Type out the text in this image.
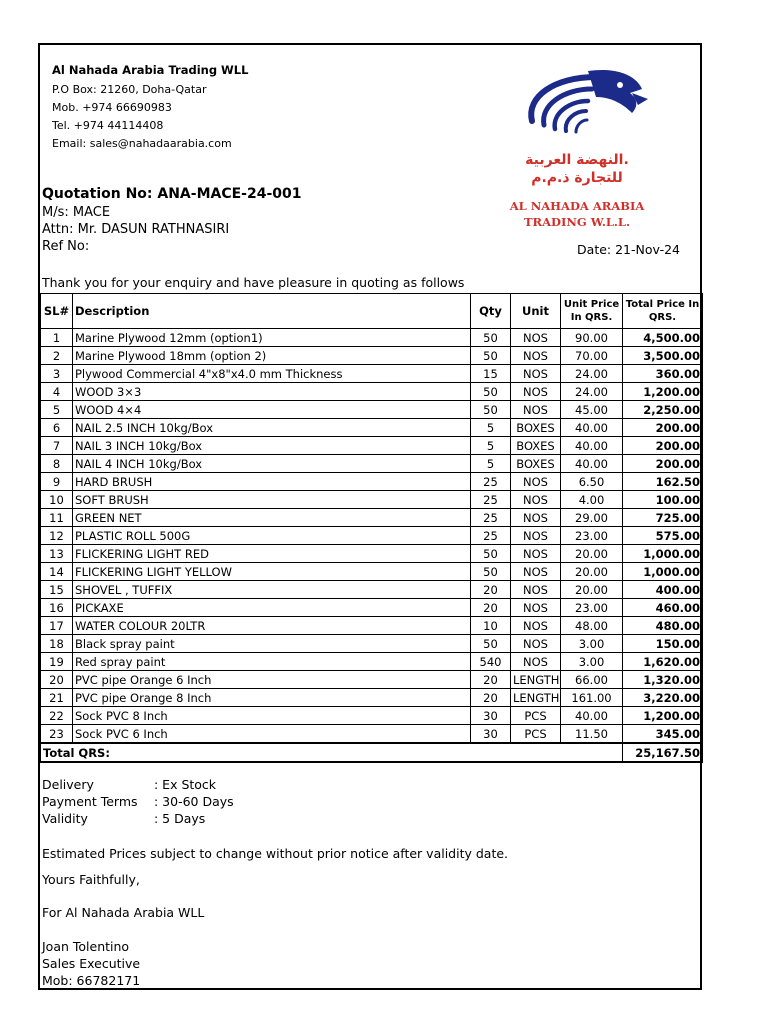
Al Nahada Arabia Trading WLL
P.O Box: 21260, Doha-Qatar
Mob. +974 66690983
Tel. +974 44114408
Email: sales@nahadaarabia.com
النهضة العربية.
للتجارة ذ.م.م
AL NAHADA ARABIA
TRADING W.L.L.
Quotation No: ANA-MACE-24-001
M/s: MACE
Attn: Mr. DASUN RATHNASIRI
Ref No:	Date: 21-Nov-24
Thank you for your enquiry and have pleasure in quoting as follows
SL#	Description	Qty	Unit	Unit Price In QRS.	Total Price In QRS.
1	Marine Plywood 12mm (option1)	50	NOS	90.00	4,500.00
2	Marine Plywood 18mm (option 2)	50	NOS	70.00	3,500.00
3	Plywood Commercial 4"x8"x4.0 mm Thickness	15	NOS	24.00	360.00
4	WOOD 3×3	50	NOS	24.00	1,200.00
5	WOOD 4×4	50	NOS	45.00	2,250.00
6	NAIL 2.5 INCH 10kg/Box	5	BOXES	40.00	200.00
7	NAIL 3 INCH 10kg/Box	5	BOXES	40.00	200.00
8	NAIL 4 INCH 10kg/Box	5	BOXES	40.00	200.00
9	HARD BRUSH	25	NOS	6.50	162.50
10	SOFT BRUSH	25	NOS	4.00	100.00
11	GREEN NET	25	NOS	29.00	725.00
12	PLASTIC ROLL 500G	25	NOS	23.00	575.00
13	FLICKERING LIGHT RED	50	NOS	20.00	1,000.00
14	FLICKERING LIGHT YELLOW	50	NOS	20.00	1,000.00
15	SHOVEL , TUFFIX	20	NOS	20.00	400.00
16	PICKAXE	20	NOS	23.00	460.00
17	WATER COLOUR 20LTR	10	NOS	48.00	480.00
18	Black spray paint	50	NOS	3.00	150.00
19	Red spray paint	540	NOS	3.00	1,620.00
20	PVC pipe Orange 6 Inch	20	LENGTH	66.00	1,320.00
21	PVC pipe Orange 8 Inch	20	LENGTH	161.00	3,220.00
22	Sock PVC 8 Inch	30	PCS	40.00	1,200.00
23	Sock PVC 6 Inch	30	PCS	11.50	345.00
Total QRS:					25,167.50
Delivery	: Ex Stock
Payment Terms : 30-60 Days
Validity	: 5 Days
Estimated Prices subject to change without prior notice after validity date.
Yours Faithfully,
For Al Nahada Arabia WLL
Joan Tolentino
Sales Executive
Mob: 66782171
